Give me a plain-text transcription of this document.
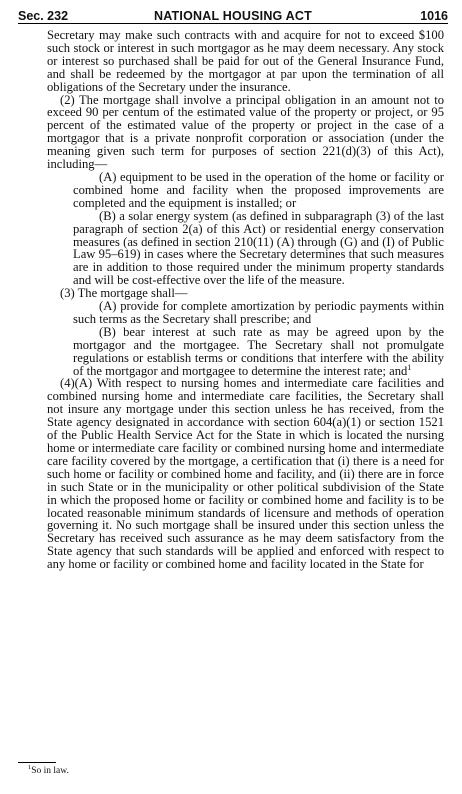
Sec. 232	NATIONAL HOUSING ACT	1016

Secretary may make such contracts with and acquire for not to exceed $100 such stock or interest in such mortgagor as he may deem necessary. Any stock or interest so purchased shall be paid for out of the General Insurance Fund, and shall be redeemed by the mortgagor at par upon the termination of all obligations of the Secretary under the insurance.

(2) The mortgage shall involve a principal obligation in an amount not to exceed 90 per centum of the estimated value of the property or project, or 95 percent of the estimated value of the property or project in the case of a mortgagor that is a private nonprofit corporation or association (under the meaning given such term for purposes of section 221(d)(3) of this Act), including—

(A) equipment to be used in the operation of the home or facility or combined home and facility when the proposed improvements are completed and the equipment is installed; or

(B) a solar energy system (as defined in subparagraph (3) of the last paragraph of section 2(a) of this Act) or residential energy conservation measures (as defined in section 210(11) (A) through (G) and (I) of Public Law 95–619) in cases where the Secretary determines that such measures are in addition to those required under the minimum property standards and will be cost-effective over the life of the measure.

(3) The mortgage shall—

(A) provide for complete amortization by periodic payments within such terms as the Secretary shall prescribe; and

(B) bear interest at such rate as may be agreed upon by the mortgagor and the mortgagee. The Secretary shall not promulgate regulations or establish terms or conditions that interfere with the ability of the mortgagor and mortgagee to determine the interest rate; and$^1$

(4)(A) With respect to nursing homes and intermediate care facilities and combined nursing home and intermediate care facilities, the Secretary shall not insure any mortgage under this section unless he has received, from the State agency designated in accordance with section 604(a)(1) or section 1521 of the Public Health Service Act for the State in which is located the nursing home or intermediate care facility or combined nursing home and intermediate care facility covered by the mortgage, a certification that (i) there is a need for such home or facility or combined home and facility, and (ii) there are in force in such State or in the municipality or other political subdivision of the State in which the proposed home or facility or combined home and facility is to be located reasonable minimum standards of licensure and methods of operation governing it. No such mortgage shall be insured under this section unless the Secretary has received such assurance as he may deem satisfactory from the State agency that such standards will be applied and enforced with respect to any home or facility or combined home and facility located in the State for

$^1$So in law.
